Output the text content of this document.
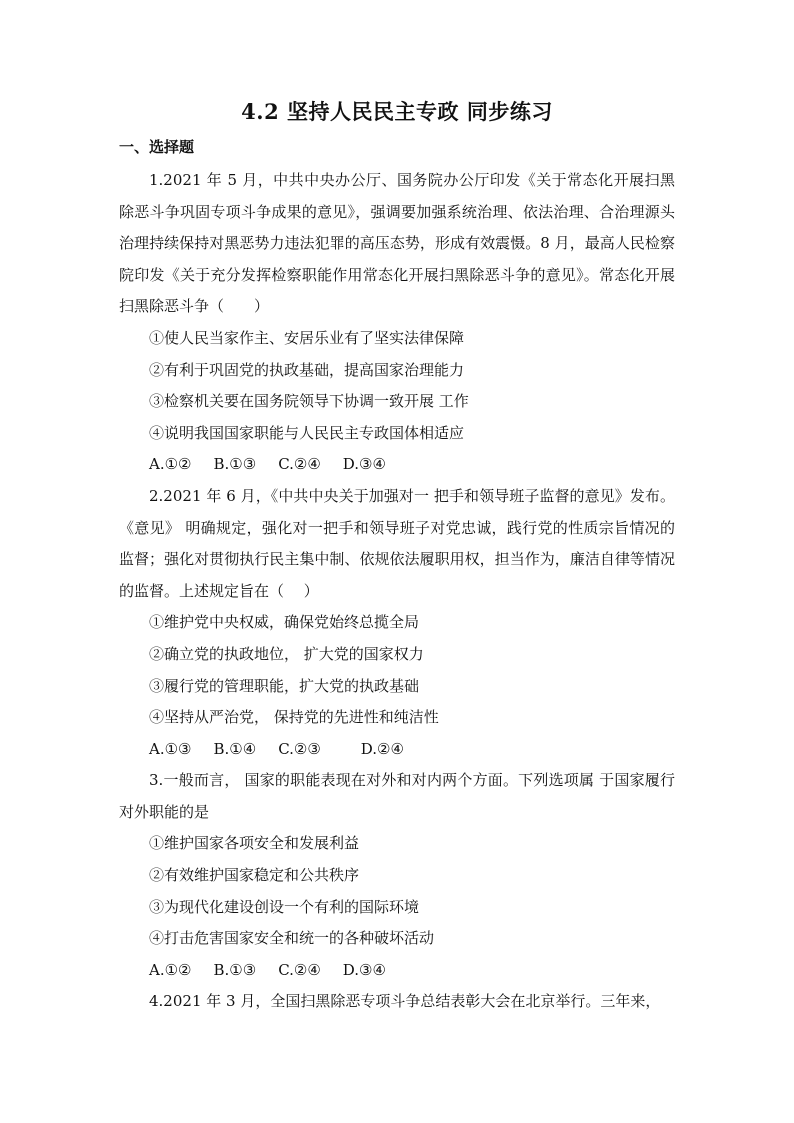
4.2 坚持人民民主专政 同步练习
一、选择题

1.2021 年 5 月，中共中央办公厅、国务院办公厅印发《关于常态化开展扫黑除恶斗争巩固专项斗争成果的意见》，强调要加强系统治理、依法治理、合治理源头治理持续保持对黑恶势力违法犯罪的高压态势，形成有效震慑。8 月，最高人民检察院印发《关于充分发挥检察职能作用常态化开展扫黑除恶斗争的意见》。常态化开展扫黑除恶斗争（　　）

①使人民当家作主、安居乐业有了坚实法律保障

②有利于巩固党的执政基础，提高国家治理能力

③检察机关要在国务院领导下协调一致开展 工作

④说明我国国家职能与人民民主专政国体相适应

A.①② B.①③ C.②④ D.③④

2.2021 年 6 月，《中共中央关于加强对一 把手和领导班子监督的意见》发布。《意见》 明确规定，强化对一把手和领导班子对党忠诚，践行党的性质宗旨情况的监督；强化对贯彻执行民主集中制、依规依法履职用权，担当作为，廉洁自律等情况的监督。上述规定旨在（　 ）

①维护党中央权威，确保党始终总揽全局

②确立党的执政地位， 扩大党的国家权力

③履行党的管理职能，扩大党的执政基础

④坚持从严治党， 保持党的先进性和纯洁性

A.①③ B.①④ C.②③	D.②④

3.一般而言， 国家的职能表现在对外和对内两个方面。下列选项属 于国家履行对外职能的是

①维护国家各项安全和发展利益

②有效维护国家稳定和公共秩序

③为现代化建设创设一个有利的国际环境

④打击危害国家安全和统一的各种破坏活动

A.①② B.①③ C.②④ D.③④

4.2021 年 3 月，全国扫黑除恶专项斗争总结表彰大会在北京举行。三年来，
